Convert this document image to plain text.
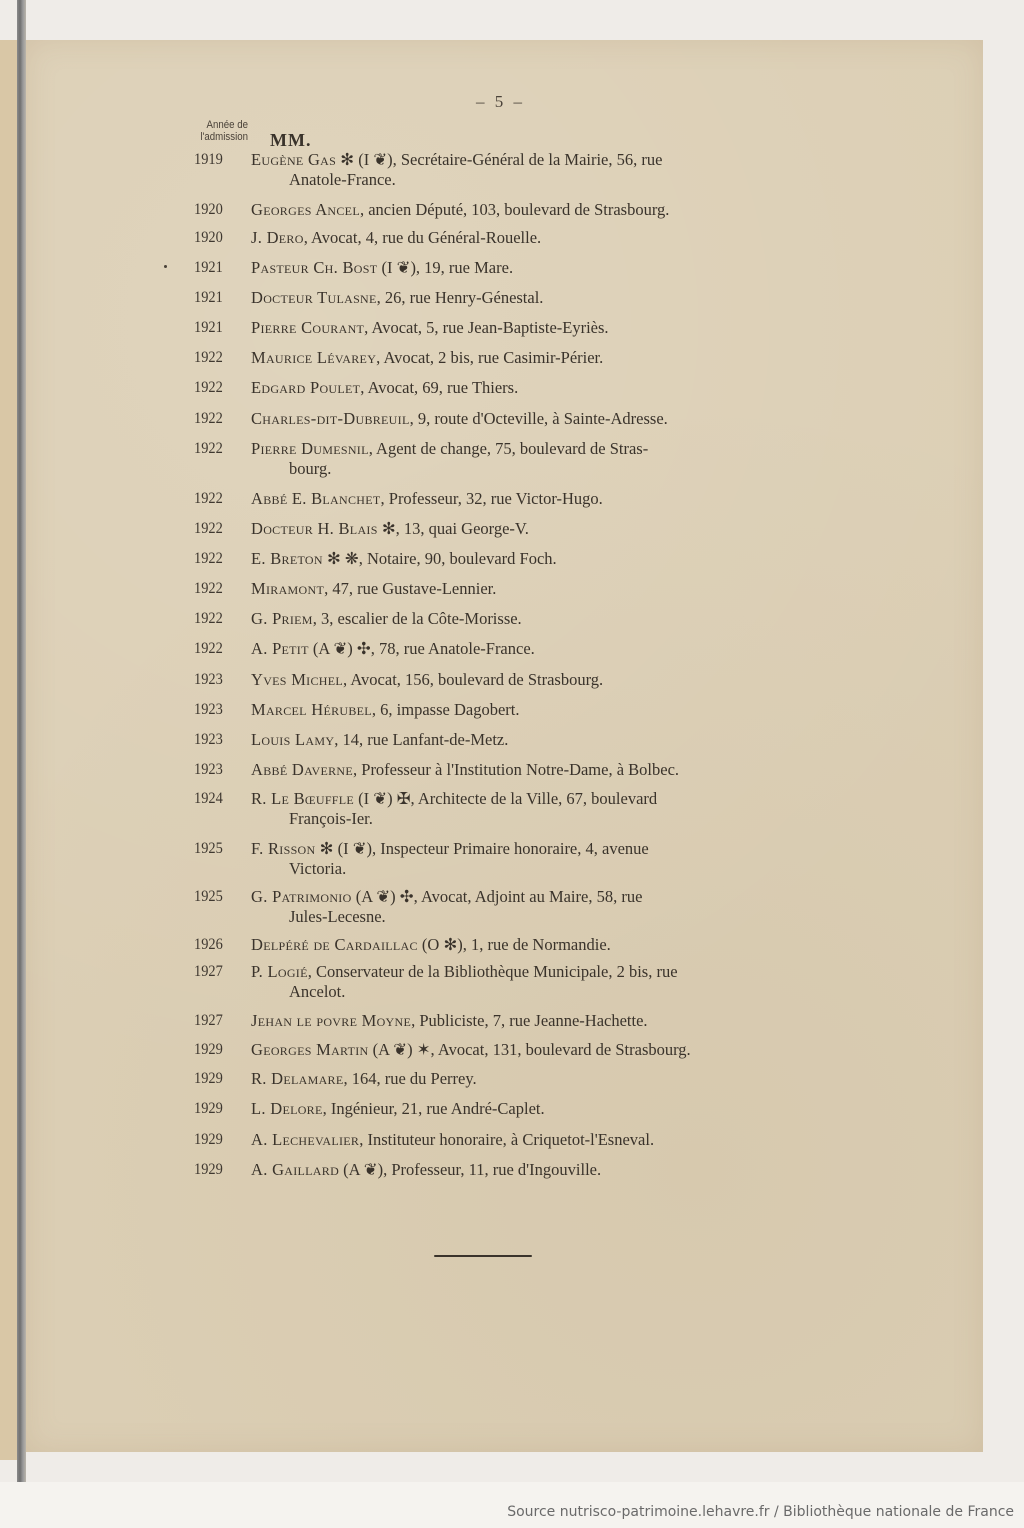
– 5 –
Année de
l'admission MM.
1919	Eugène Gas ✻ (I ❦), Secrétaire-Général de la Mairie, 56, rue
Anatole-France.
1920	Georges Ancel, ancien Député, 103, boulevard de Strasbourg.
1920	J. Dero, Avocat, 4, rue du Général-Rouelle.
1921	Pasteur Ch. Bost (I ❦), 19, rue Mare.
1921	Docteur Tulasne, 26, rue Henry-Génestal.
1921	Pierre Courant, Avocat, 5, rue Jean-Baptiste-Eyriès.
1922	Maurice Lévarey, Avocat, 2 bis, rue Casimir-Périer.
1922	Edgard Poulet, Avocat, 69, rue Thiers.
1922	Charles-dit-Dubreuil, 9, route d'Octeville, à Sainte-Adresse.
1922	Pierre Dumesnil, Agent de change, 75, boulevard de Stras-
bourg.
1922	Abbé E. Blanchet, Professeur, 32, rue Victor-Hugo.
1922	Docteur H. Blais ✻, 13, quai George-V.
1922	E. Breton ✻ ❋, Notaire, 90, boulevard Foch.
1922	Miramont, 47, rue Gustave-Lennier.
1922	G. Priem, 3, escalier de la Côte-Morisse.
1922	A. Petit (A ❦) ✣, 78, rue Anatole-France.
1923	Yves Michel, Avocat, 156, boulevard de Strasbourg.
1923	Marcel Hérubel, 6, impasse Dagobert.
1923	Louis Lamy, 14, rue Lanfant-de-Metz.
1923	Abbé Daverne, Professeur à l'Institution Notre-Dame, à Bolbec.
1924	R. Le Bœuffle (I ❦) ✠, Architecte de la Ville, 67, boulevard
François-Ier.
1925	F. Risson ✻ (I ❦), Inspecteur Primaire honoraire, 4, avenue
Victoria.
1925	G. Patrimonio (A ❦) ✣, Avocat, Adjoint au Maire, 58, rue
Jules-Lecesne.
1926	Delpéré de Cardaillac (O ✻), 1, rue de Normandie.
1927	P. Logié, Conservateur de la Bibliothèque Municipale, 2 bis, rue
Ancelot.
1927	Jehan le povre Moyne, Publiciste, 7, rue Jeanne-Hachette.
1929	Georges Martin (A ❦) ✶, Avocat, 131, boulevard de Strasbourg.
1929	R. Delamare, 164, rue du Perrey.
1929	L. Delore, Ingénieur, 21, rue André-Caplet.
1929	A. Lechevalier, Instituteur honoraire, à Criquetot-l'Esneval.
1929	A. Gaillard (A ❦), Professeur, 11, rue d'Ingouville.
Source nutrisco-patrimoine.lehavre.fr / Bibliothèque nationale de France
